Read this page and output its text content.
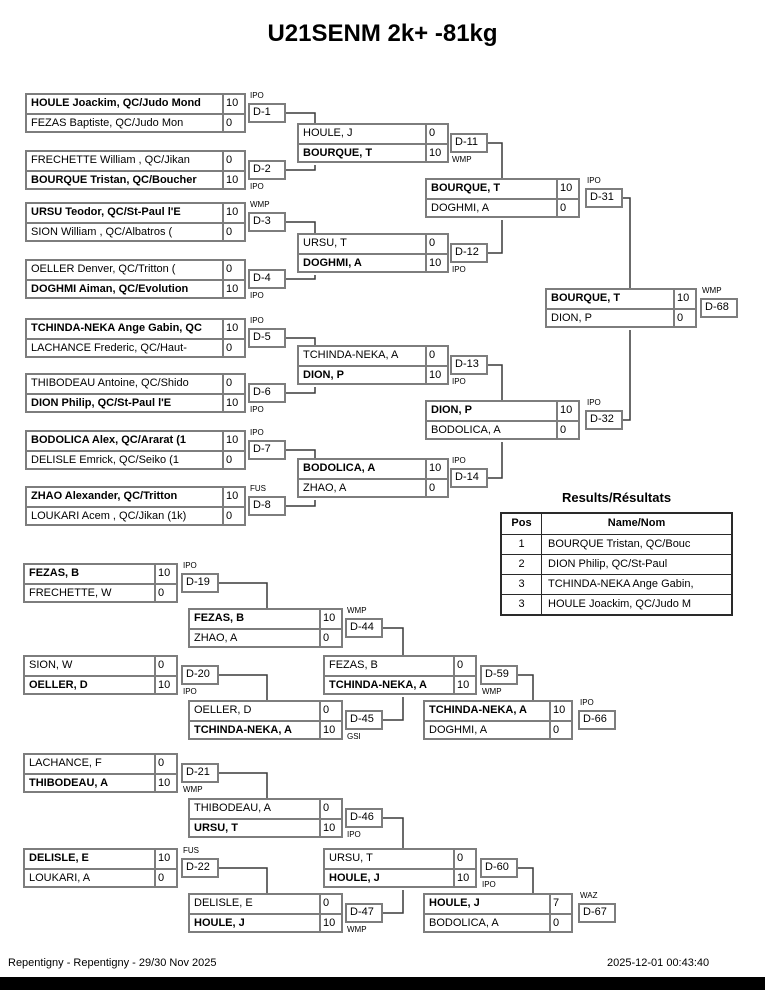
U21SENM 2k+ -81kg
HOULE Joackim, QC/Judo Mond	10
FEZAS Baptiste, QC/Judo Mon	0
D-1
IPO
FRECHETTE William , QC/Jikan	0
BOURQUE Tristan, QC/Boucher	10
D-2
IPO
URSU Teodor, QC/St-Paul l'E	10
SION William , QC/Albatros (	0
D-3
WMP
OELLER Denver, QC/Tritton (	0
DOGHMI Aiman, QC/Evolution	10
D-4
IPO
TCHINDA-NEKA Ange Gabin, QC	10
LACHANCE Frederic, QC/Haut-	0
D-5
IPO
THIBODEAU Antoine, QC/Shido	0
DION Philip, QC/St-Paul l'E	10
D-6
IPO
BODOLICA Alex, QC/Ararat (1	10
DELISLE Emrick, QC/Seiko (1	0
D-7
IPO
ZHAO Alexander, QC/Tritton	10
LOUKARI Acem , QC/Jikan (1k)	0
D-8
FUS
HOULE, J	0
BOURQUE, T	10
D-11
WMP
URSU, T	0
DOGHMI, A	10
D-12
IPO
TCHINDA-NEKA, A	0
DION, P	10
D-13
IPO
BODOLICA, A	10
ZHAO, A	0
D-14
IPO
BOURQUE, T	10
DOGHMI, A	0
D-31
IPO
DION, P	10
BODOLICA, A	0
D-32
IPO
BOURQUE, T	10
DION, P	0
D-68
WMP
Results/Résultats
Pos	Name/Nom
1	BOURQUE Tristan, QC/Bouc
2	DION Philip, QC/St-Paul
3	TCHINDA-NEKA Ange Gabin,
3	HOULE Joackim, QC/Judo M
FEZAS, B	10
FRECHETTE, W	0
D-19
IPO
SION, W	0
OELLER, D	10
D-20
IPO
LACHANCE, F	0
THIBODEAU, A	10
D-21
WMP
DELISLE, E	10
LOUKARI, A	0
D-22
FUS
FEZAS, B	10
ZHAO, A	0
D-44
WMP
OELLER, D	0
TCHINDA-NEKA, A	10
D-45
GSI
THIBODEAU, A	0
URSU, T	10
D-46
IPO
DELISLE, E	0
HOULE, J	10
D-47
WMP
FEZAS, B	0
TCHINDA-NEKA, A	10
D-59
WMP
URSU, T	0
HOULE, J	10
D-60
IPO
TCHINDA-NEKA, A	10
DOGHMI, A	0
D-66
IPO
HOULE, J	7
BODOLICA, A	0
D-67
WAZ
Repentigny - Repentigny - 29/30 Nov 2025	2025-12-01 00:43:40
